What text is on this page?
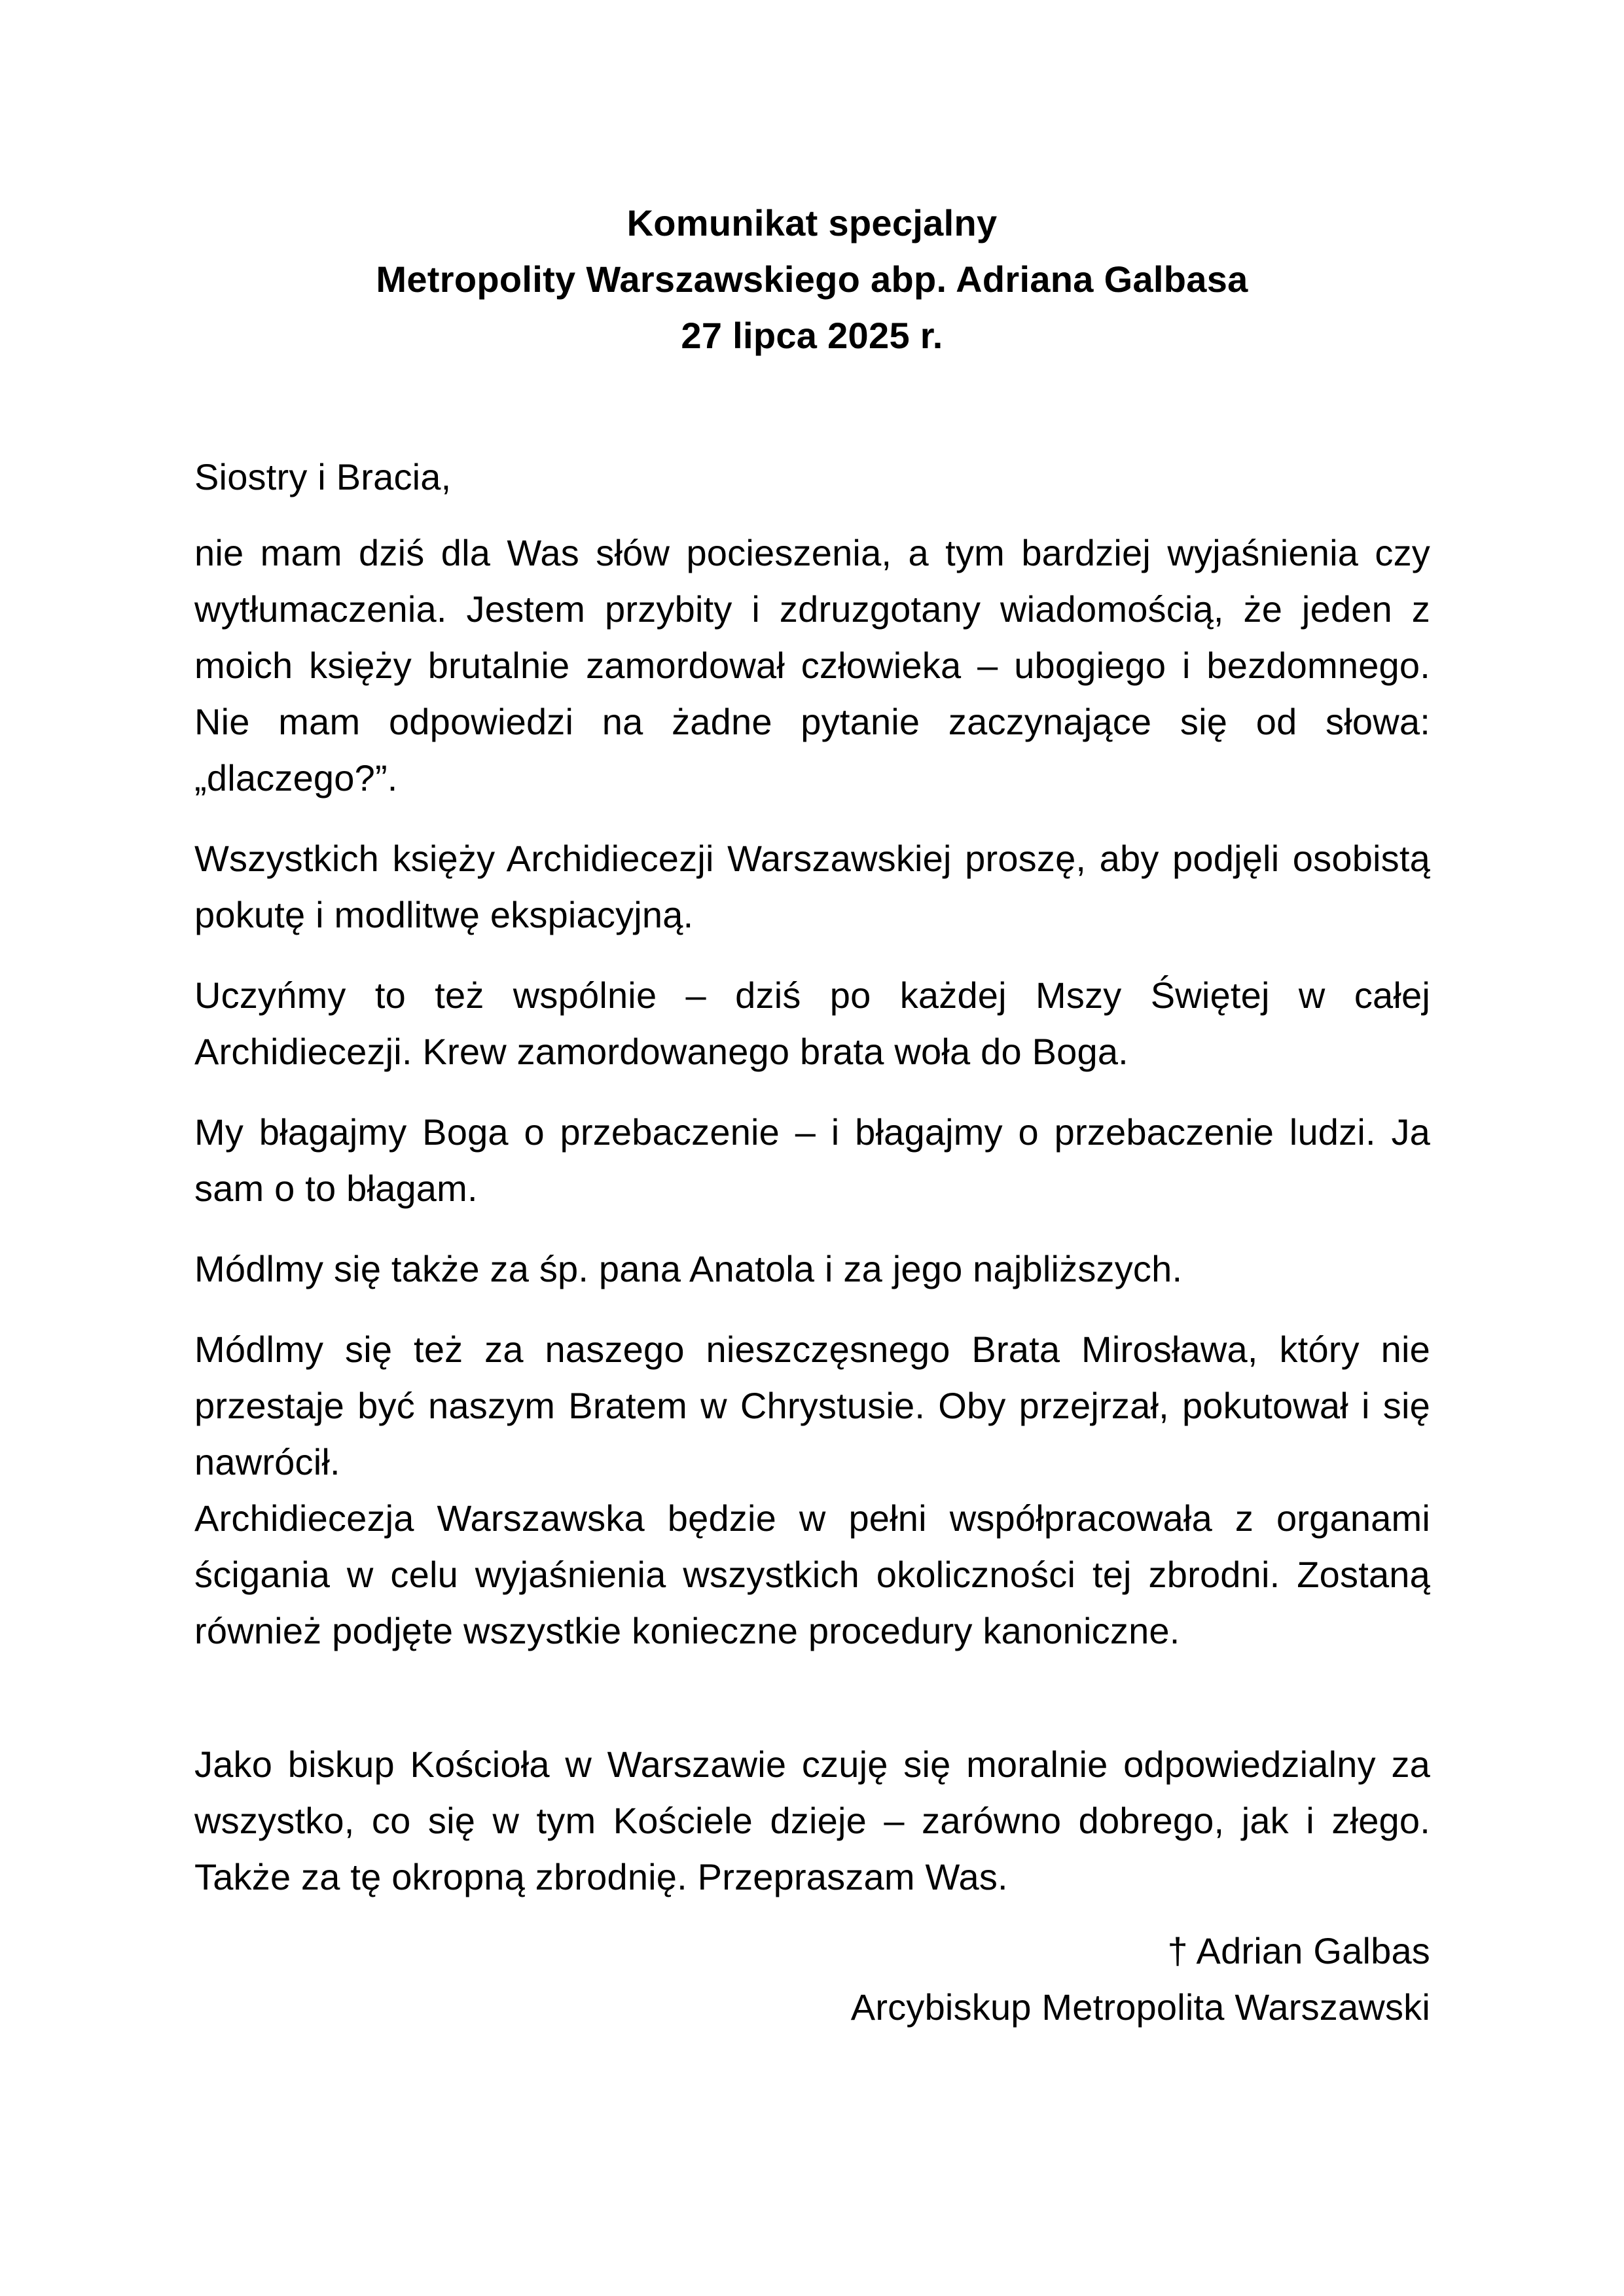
Komunikat specjalny
Metropolity Warszawskiego abp. Adriana Galbasa
27 lipca 2025 r.

Siostry i Bracia,

nie mam dziś dla Was słów pocieszenia, a tym bardziej wyjaśnienia czy wytłumaczenia. Jestem przybity i zdruzgotany wiadomością, że jeden z moich księży brutalnie zamordował człowieka – ubogiego i bezdomnego. Nie mam odpowiedzi na żadne pytanie zaczynające się od słowa: „dlaczego?”.

Wszystkich księży Archidiecezji Warszawskiej proszę, aby podjęli osobistą pokutę i modlitwę ekspiacyjną.

Uczyńmy to też wspólnie – dziś po każdej Mszy Świętej w całej Archidiecezji. Krew zamordowanego brata woła do Boga.

My błagajmy Boga o przebaczenie – i błagajmy o przebaczenie ludzi. Ja sam o to błagam.

Módlmy się także za śp. pana Anatola i za jego najbliższych.

Módlmy się też za naszego nieszczęsnego Brata Mirosława, który nie przestaje być naszym Bratem w Chrystusie. Oby przejrzał, pokutował i się nawrócił.

Archidiecezja Warszawska będzie w pełni współpracowała z organami ścigania w celu wyjaśnienia wszystkich okoliczności tej zbrodni. Zostaną również podjęte wszystkie konieczne procedury kanoniczne.

Jako biskup Kościoła w Warszawie czuję się moralnie odpowiedzialny za wszystko, co się w tym Kościele dzieje – zarówno dobrego, jak i złego. Także za tę okropną zbrodnię. Przepraszam Was.

† Adrian Galbas
Arcybiskup Metropolita Warszawski
